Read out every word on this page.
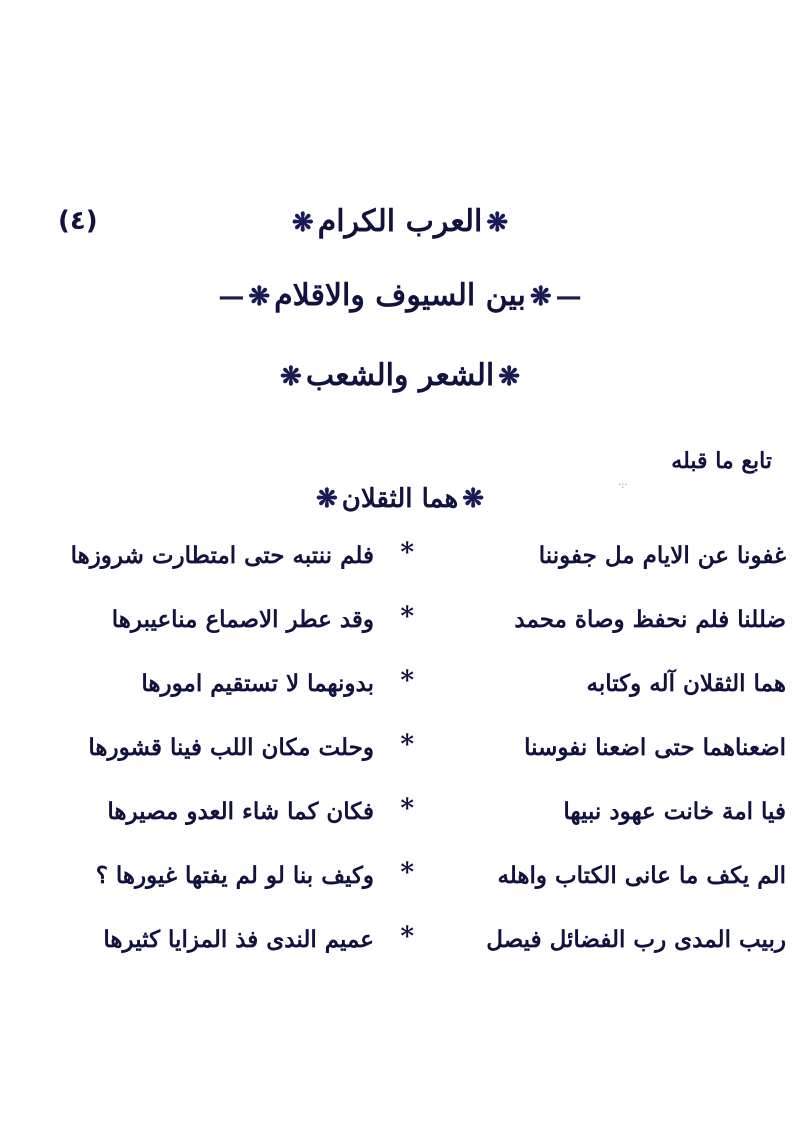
(٤)	❋العرب الكرام❋
—❋بين السيوف والاقلام❋—
❋الشعر والشعب❋
تابع ما قبله
·:·
❋هما الثقلان❋
غفونا عن الايام مل جفوننا
*
فلم ننتبه حتى امتطارت شروزها
ضللنا فلم نحفظ وصاة محمد
*
وقد عطر الاصماع مناعيبرها
هما الثقلان آله وكتابه
*
بدونهما لا تستقيم امورها
اضعناهما حتى اضعنا نفوسنا
*
وحلت مكان اللب فينا قشورها
فيا امة خانت عهود نبيها
*
فكان كما شاء العدو مصيرها
الم يكف ما عانى الكتاب واهله
*
وكيف بنا لو لم يفتها غيورها ؟
ربيب المدى رب الفضائل فيصل
*
عميم الندى فذ المزايا كثيرها
